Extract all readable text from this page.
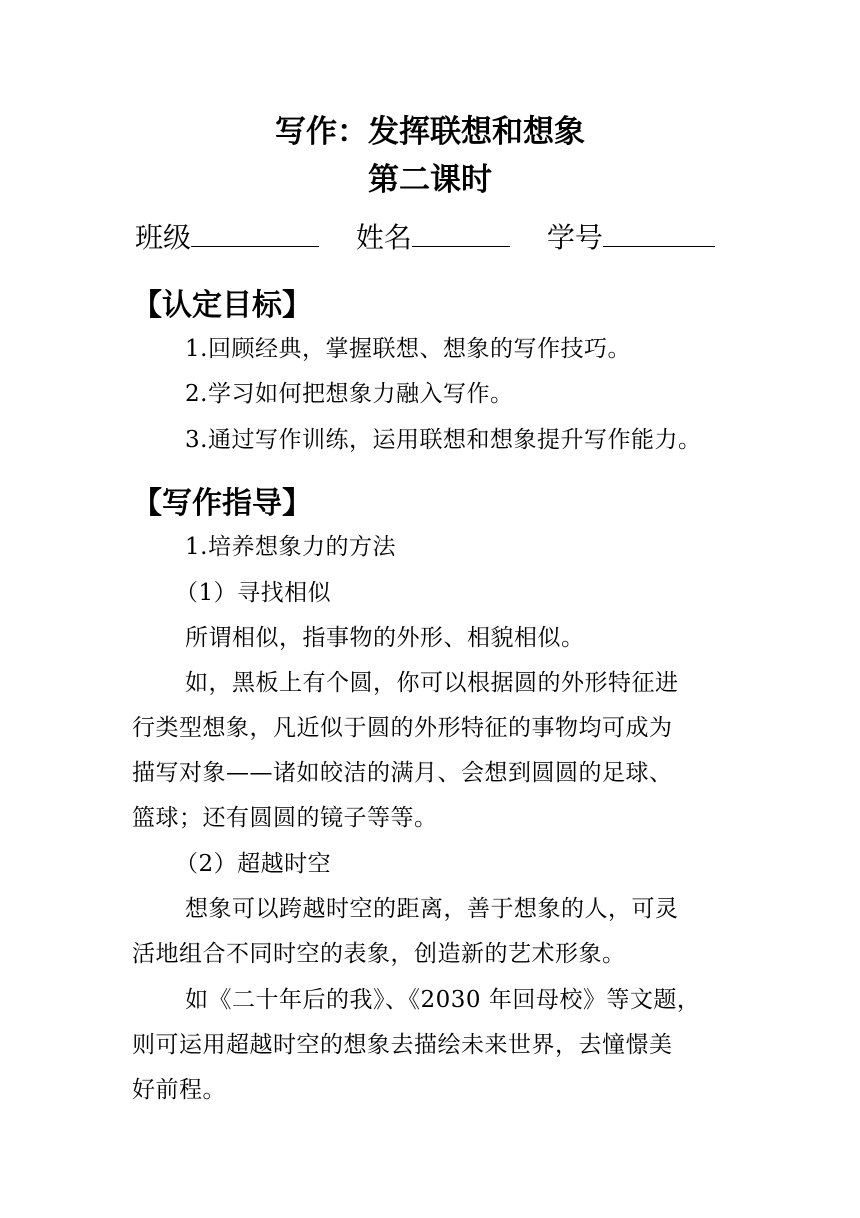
写作：发挥联想和想象
第二课时
班级	姓名	学号
【认定目标】
1.回顾经典，掌握联想、想象的写作技巧。
2.学习如何把想象力融入写作。
3.通过写作训练，运用联想和想象提升写作能力。
【写作指导】
1.培养想象力的方法
（1）寻找相似
所谓相似，指事物的外形、相貌相似。
如，黑板上有个圆，你可以根据圆的外形特征进
行类型想象，凡近似于圆的外形特征的事物均可成为
描写对象——诸如皎洁的满月、会想到圆圆的足球、
篮球；还有圆圆的镜子等等。
（2）超越时空
想象可以跨越时空的距离，善于想象的人，可灵
活地组合不同时空的表象，创造新的艺术形象。
如《二十年后的我》、《2030 年回母校》等文题，
则可运用超越时空的想象去描绘未来世界，去憧憬美
好前程。
